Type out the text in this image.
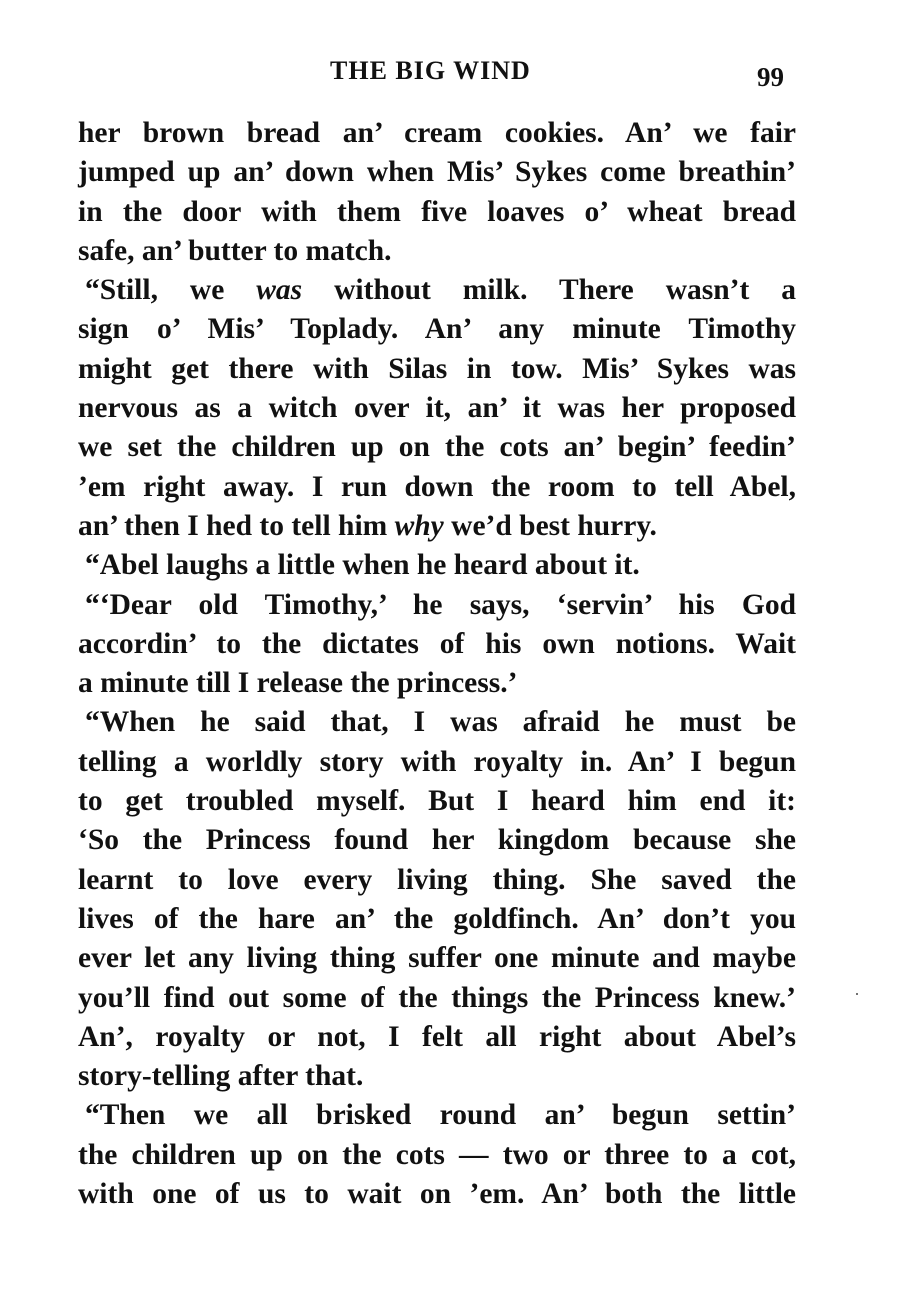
THE BIG WIND	99
her brown bread an’ cream cookies. An’ we fair
jumped up an’ down when Mis’ Sykes come breathin’
in the door with them five loaves o’ wheat bread
safe, an’ butter to match.
“Still, we was without milk. There wasn’t a
sign o’ Mis’ Toplady. An’ any minute Timothy
might get there with Silas in tow. Mis’ Sykes was
nervous as a witch over it, an’ it was her proposed
we set the children up on the cots an’ begin’ feedin’
’em right away. I run down the room to tell Abel,
an’ then I hed to tell him why we’d best hurry.
“Abel laughs a little when he heard about it.
“‘Dear old Timothy,’ he says, ‘servin’ his God
accordin’ to the dictates of his own notions. Wait
a minute till I release the princess.’
“When he said that, I was afraid he must be
telling a worldly story with royalty in. An’ I begun
to get troubled myself. But I heard him end it:
‘So the Princess found her kingdom because she
learnt to love every living thing. She saved the
lives of the hare an’ the goldfinch. An’ don’t you
ever let any living thing suffer one minute and maybe
you’ll find out some of the things the Princess knew.’
An’, royalty or not, I felt all right about Abel’s
story-telling after that.
“Then we all brisked round an’ begun settin’
the children up on the cots — two or three to a cot,
with one of us to wait on ’em. An’ both the little
